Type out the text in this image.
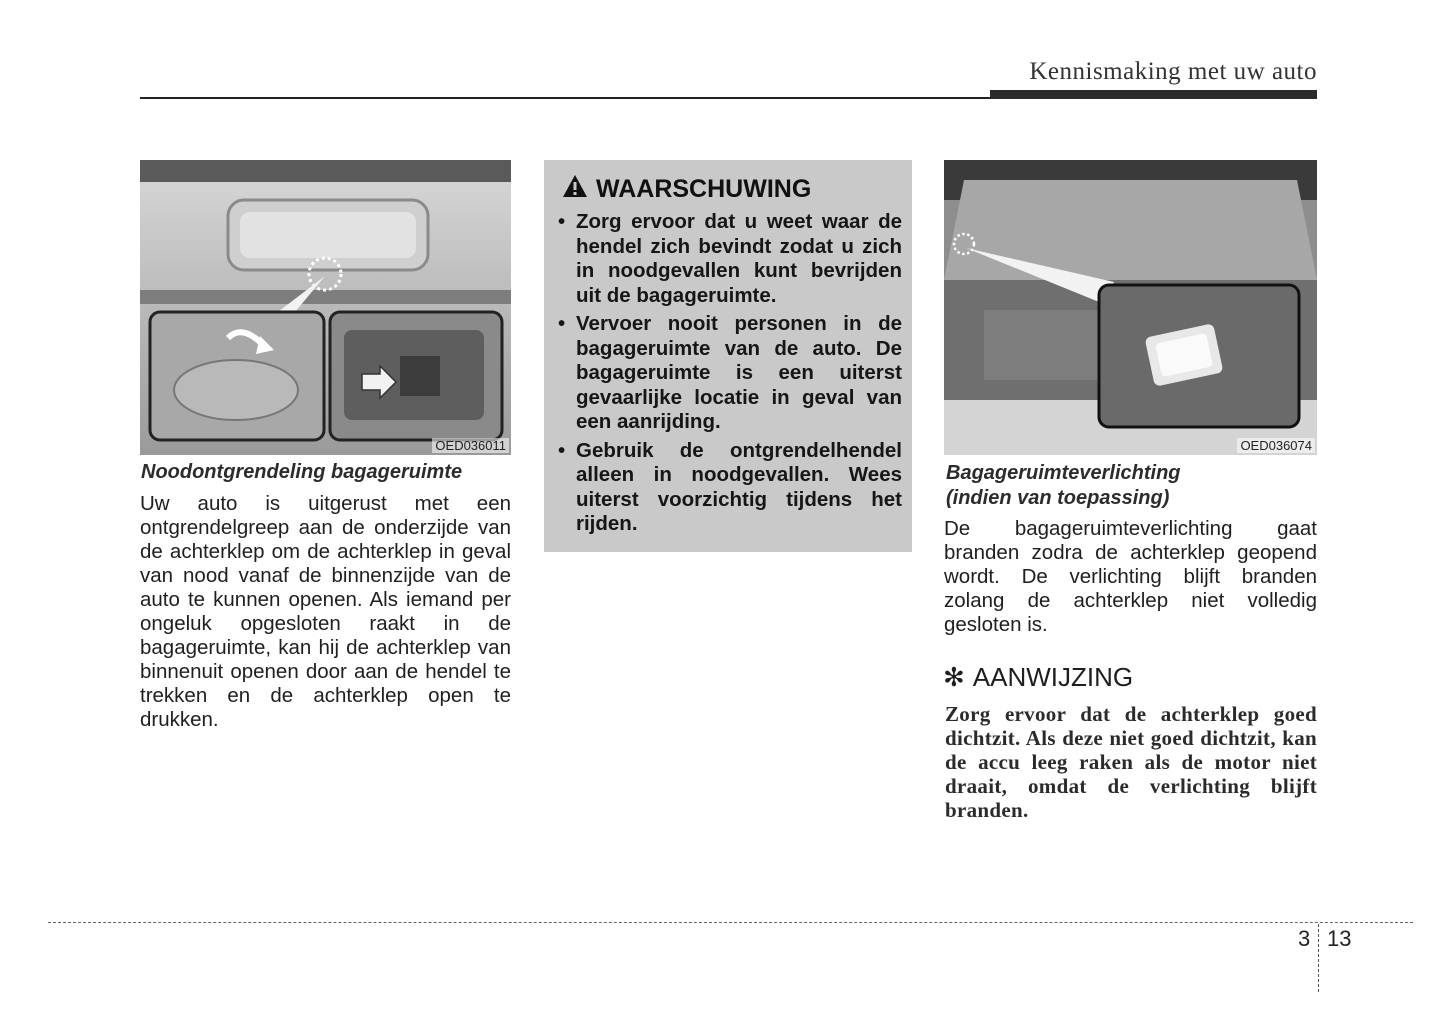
Kennismaking met uw auto
OED036011
Noodontgrendeling bagageruimte
Uw auto is uitgerust met een ontgrendelgreep aan de onderzijde van de achterklep om de achterklep in geval van nood vanaf de binnenzijde van de auto te kunnen openen. Als iemand per ongeluk opgesloten raakt in de bagageruimte, kan hij de achterklep van binnenuit openen door aan de hendel te trekken en de achterklep open te drukken.
WAARSCHUWING
• Zorg ervoor dat u weet waar de hendel zich bevindt zodat u zich in noodgevallen kunt bevrijden uit de bagageruimte.
• Vervoer nooit personen in de bagageruimte van de auto. De bagageruimte is een uiterst gevaarlijke locatie in geval van een aanrijding.
• Gebruik de ontgrendelhendel alleen in noodgevallen. Wees uiterst voorzichtig tijdens het rijden.
OED036074
Bagageruimteverlichting
(indien van toepassing)
De bagageruimteverlichting gaat branden zodra de achterklep geopend wordt. De verlichting blijft branden zolang de achterklep niet volledig gesloten is.
✻ AANWIJZING
Zorg ervoor dat de achterklep goed dichtzit. Als deze niet goed dichtzit, kan de accu leeg raken als de motor niet draait, omdat de verlichting blijft branden.
3 13
